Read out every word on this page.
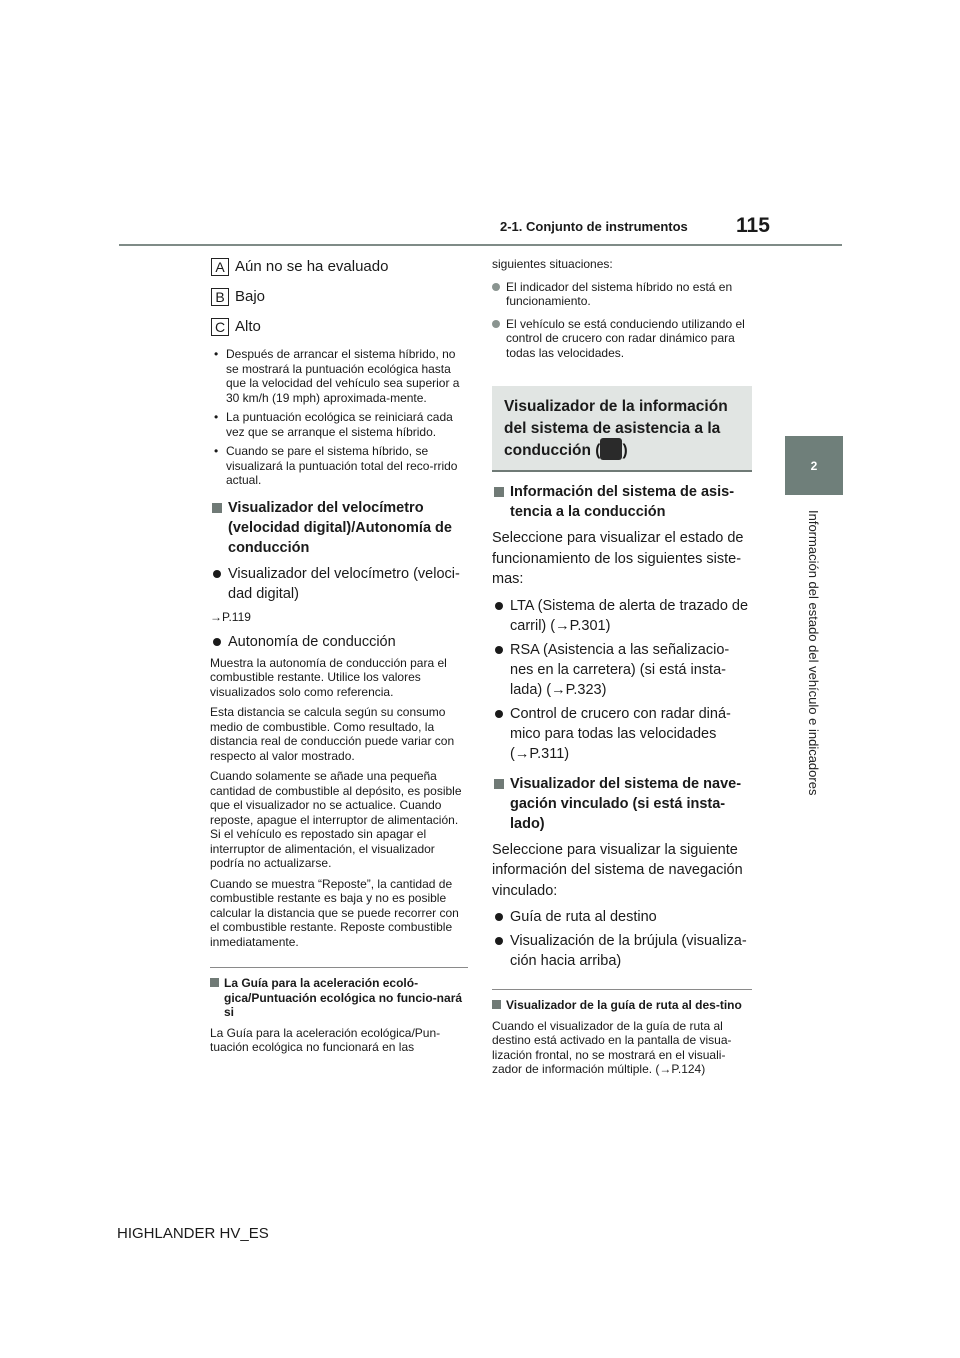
2-1. Conjunto de instrumentos 115
2
Información del estado del vehículo e indicadores
A Aún no se ha evaluado
B Bajo
C Alto
• Después de arrancar el sistema híbrido, no se mostrará la puntuación ecológica hasta que la velocidad del vehículo sea superior a 30 km/h (19 mph) aproximada-mente.
• La puntuación ecológica se reiniciará cada vez que se arranque el sistema híbrido.
• Cuando se pare el sistema híbrido, se visualizará la puntuación total del reco-rrido actual.
Visualizador del velocímetro (velocidad digital)/Autonomía de conducción
Visualizador del velocímetro (veloci-dad digital)
→P.119
Autonomía de conducción

Muestra la autonomía de conducción para el combustible restante. Utilice los valores visualizados solo como referencia.

Esta distancia se calcula según su consumo medio de combustible. Como resultado, la distancia real de conducción puede variar con respecto al valor mostrado.

Cuando solamente se añade una pequeña cantidad de combustible al depósito, es posible que el visualizador no se actualice. Cuando reposte, apague el interruptor de alimentación. Si el vehículo es repostado sin apagar el interruptor de alimentación, el visualizador podría no actualizarse.

Cuando se muestra “Reposte”, la cantidad de combustible restante es baja y no es posible calcular la distancia que se puede recorrer con el combustible restante. Reposte combustible inmediatamente.

La Guía para la aceleración ecoló-gica/Puntuación ecológica no funcio-nará si

La Guía para la aceleración ecológica/Pun-tuación ecológica no funcionará en las

siguientes situaciones:

El indicador del sistema híbrido no está en funcionamiento.
El vehículo se está conduciendo utilizando el control de crucero con radar dinámico para todas las velocidades.
Visualizador de la información
del sistema de asistencia a la
conducción ( )
Información del sistema de asis-tencia a la conducción

Seleccione para visualizar el estado de funcionamiento de los siguientes siste-mas:

LTA (Sistema de alerta de trazado de carril) (→P.301)
RSA (Asistencia a las señalizacio-nes en la carretera) (si está insta-lada) (→P.323)
Control de crucero con radar diná-mico para todas las velocidades (→P.311)
Visualizador del sistema de nave-gación vinculado (si está insta-lado)

Seleccione para visualizar la siguiente información del sistema de navegación vinculado:

Guía de ruta al destino
Visualización de la brújula (visualiza-ción hacia arriba)
Visualizador de la guía de ruta al des-tino

Cuando el visualizador de la guía de ruta al destino está activado en la pantalla de visua-lización frontal, no se mostrará en el visuali-zador de información múltiple. (→P.124)

HIGHLANDER HV_ES
